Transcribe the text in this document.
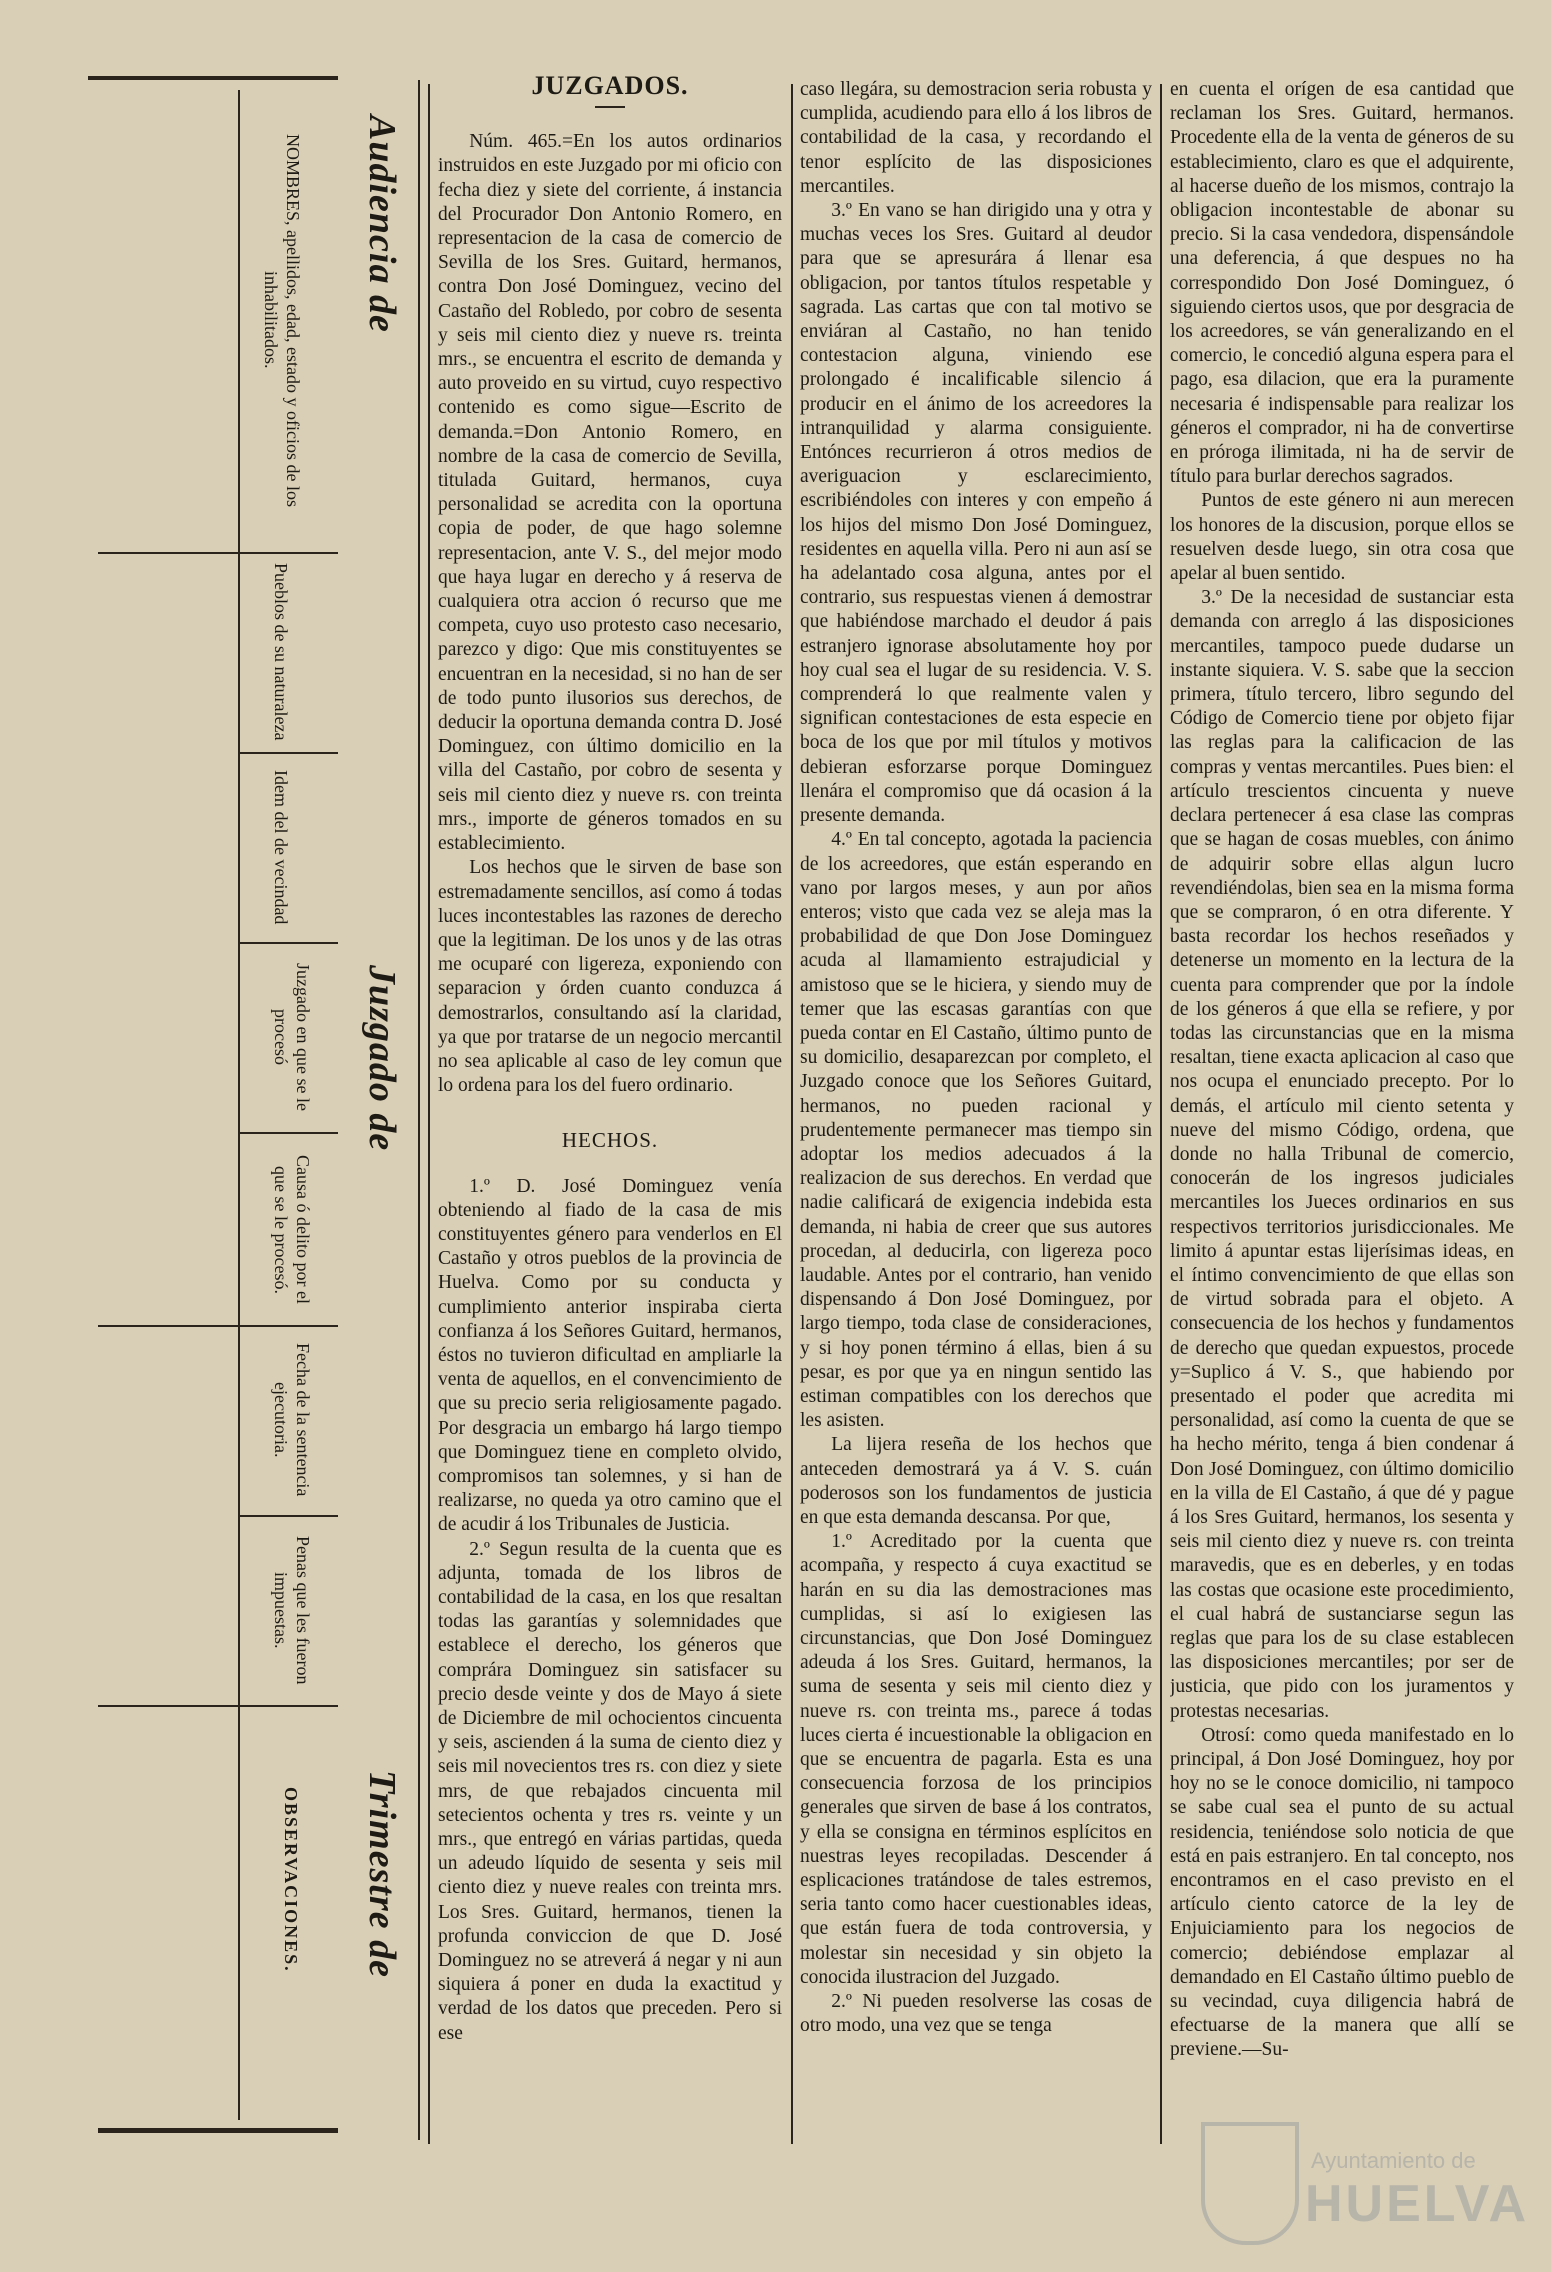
Audiencia de
Juzgado de
Trimestre de
NOMBRES, apellidos, edad, estado y oficios de los inhabilitados.
Pueblos de su naturaleza
Idem del de vecindad
Juzgado en que se le procesó
Causa ó delito por el que se le procesó.
Fecha de la sentencia ejecutoria.
Penas que les fueron impuestas.
OBSERVACIONES.
JUZGADOS.

Núm. 465.=En los autos ordinarios instruidos en este Juzgado por mi oficio con fecha diez y siete del corriente, á instancia del Procurador Don Antonio Romero, en representacion de la casa de comercio de Sevilla de los Sres. Guitard, hermanos, contra Don José Dominguez, vecino del Castaño del Robledo, por cobro de sesenta y seis mil ciento diez y nueve rs. treinta mrs., se encuentra el escrito de demanda y auto proveido en su virtud, cuyo respectivo contenido es como sigue—Escrito de demanda.=Don Antonio Romero, en nombre de la casa de comercio de Sevilla, titulada Guitard, hermanos, cuya personalidad se acredita con la oportuna copia de poder, de que hago solemne representacion, ante V. S., del mejor modo que haya lugar en derecho y á reserva de cualquiera otra accion ó recurso que me competa, cuyo uso protesto caso necesario, parezco y digo: Que mis constituyentes se encuentran en la necesidad, si no han de ser de todo punto ilusorios sus derechos, de deducir la oportuna demanda contra D. José Dominguez, con último domicilio en la villa del Castaño, por cobro de sesenta y seis mil ciento diez y nueve rs. con treinta mrs., importe de géneros tomados en su establecimiento.

Los hechos que le sirven de base son estremadamente sencillos, así como á todas luces incontestables las razones de derecho que la legitiman. De los unos y de las otras me ocuparé con ligereza, exponiendo con separacion y órden cuanto conduzca á demostrarlos, consultando así la claridad, ya que por tratarse de un negocio mercantil no sea aplicable al caso de ley comun que lo ordena para los del fuero ordinario.

HECHOS.

1.º D. José Dominguez venía obteniendo al fiado de la casa de mis constituyentes género para venderlos en El Castaño y otros pueblos de la provincia de Huelva. Como por su conducta y cumplimiento anterior inspiraba cierta confianza á los Señores Guitard, hermanos, éstos no tuvieron dificultad en ampliarle la venta de aquellos, en el convencimiento de que su precio seria religiosamente pagado. Por desgracia un embargo há largo tiempo que Dominguez tiene en completo olvido, compromisos tan solemnes, y si han de realizarse, no queda ya otro camino que el de acudir á los Tribunales de Justicia.

2.º Segun resulta de la cuenta que es adjunta, tomada de los libros de contabilidad de la casa, en los que resaltan todas las garantías y solemnidades que establece el derecho, los géneros que comprára Dominguez sin satisfacer su precio desde veinte y dos de Mayo á siete de Diciembre de mil ochocientos cincuenta y seis, ascienden á la suma de ciento diez y seis mil novecientos tres rs. con diez y siete mrs, de que rebajados cincuenta mil setecientos ochenta y tres rs. veinte y un mrs., que entregó en várias partidas, queda un adeudo líquido de sesenta y seis mil ciento diez y nueve reales con treinta mrs. Los Sres. Guitard, hermanos, tienen la profunda conviccion de que D. José Dominguez no se atreverá á negar y ni aun siquiera á poner en duda la exactitud y verdad de los datos que preceden. Pero si ese

caso llegára, su demostracion seria robusta y cumplida, acudiendo para ello á los libros de contabilidad de la casa, y recordando el tenor esplícito de las disposiciones mercantiles.

3.º En vano se han dirigido una y otra y muchas veces los Sres. Guitard al deudor para que se apresurára á llenar esa obligacion, por tantos títulos respetable y sagrada. Las cartas que con tal motivo se enviáran al Castaño, no han tenido contestacion alguna, viniendo ese prolongado é incalificable silencio á producir en el ánimo de los acreedores la intranquilidad y alarma consiguiente. Entónces recurrieron á otros medios de averiguacion y esclarecimiento, escribiéndoles con interes y con empeño á los hijos del mismo Don José Dominguez, residentes en aquella villa. Pero ni aun así se ha adelantado cosa alguna, antes por el contrario, sus respuestas vienen á demostrar que habiéndose marchado el deudor á pais estranjero ignorase absolutamente hoy por hoy cual sea el lugar de su residencia. V. S. comprenderá lo que realmente valen y significan contestaciones de esta especie en boca de los que por mil títulos y motivos debieran esforzarse porque Dominguez llenára el compromiso que dá ocasion á la presente demanda.

4.º En tal concepto, agotada la paciencia de los acreedores, que están esperando en vano por largos meses, y aun por años enteros; visto que cada vez se aleja mas la probabilidad de que Don Jose Dominguez acuda al llamamiento estrajudicial y amistoso que se le hiciera, y siendo muy de temer que las escasas garantías con que pueda contar en El Castaño, último punto de su domicilio, desaparezcan por completo, el Juzgado conoce que los Señores Guitard, hermanos, no pueden racional y prudentemente permanecer mas tiempo sin adoptar los medios adecuados á la realizacion de sus derechos. En verdad que nadie calificará de exigencia indebida esta demanda, ni habia de creer que sus autores procedan, al deducirla, con ligereza poco laudable. Antes por el contrario, han venido dispensando á Don José Dominguez, por largo tiempo, toda clase de consideraciones, y si hoy ponen término á ellas, bien á su pesar, es por que ya en ningun sentido las estiman compatibles con los derechos que les asisten.

La lijera reseña de los hechos que anteceden demostrará ya á V. S. cuán poderosos son los fundamentos de justicia en que esta demanda descansa. Por que,

1.º Acreditado por la cuenta que acompaña, y respecto á cuya exactitud se harán en su dia las demostraciones mas cumplidas, si así lo exigiesen las circunstancias, que Don José Dominguez adeuda á los Sres. Guitard, hermanos, la suma de sesenta y seis mil ciento diez y nueve rs. con treinta ms., parece á todas luces cierta é incuestionable la obligacion en que se encuentra de pagarla. Esta es una consecuencia forzosa de los principios generales que sirven de base á los contratos, y ella se consigna en términos esplícitos en nuestras leyes recopiladas. Descender á esplicaciones tratándose de tales estremos, seria tanto como hacer cuestionables ideas, que están fuera de toda controversia, y molestar sin necesidad y sin objeto la conocida ilustracion del Juzgado.

2.º Ni pueden resolverse las cosas de otro modo, una vez que se tenga

en cuenta el orígen de esa cantidad que reclaman los Sres. Guitard, hermanos. Procedente ella de la venta de géneros de su establecimiento, claro es que el adquirente, al hacerse dueño de los mismos, contrajo la obligacion incontestable de abonar su precio. Si la casa vendedora, dispensándole una deferencia, á que despues no ha correspondido Don José Dominguez, ó siguiendo ciertos usos, que por desgracia de los acreedores, se ván generalizando en el comercio, le concedió alguna espera para el pago, esa dilacion, que era la puramente necesaria é indispensable para realizar los géneros el comprador, ni ha de convertirse en próroga ilimitada, ni ha de servir de título para burlar derechos sagrados.

Puntos de este género ni aun merecen los honores de la discusion, porque ellos se resuelven desde luego, sin otra cosa que apelar al buen sentido.

3.º De la necesidad de sustanciar esta demanda con arreglo á las disposiciones mercantiles, tampoco puede dudarse un instante siquiera. V. S. sabe que la seccion primera, título tercero, libro segundo del Código de Comercio tiene por objeto fijar las reglas para la calificacion de las compras y ventas mercantiles. Pues bien: el artículo trescientos cincuenta y nueve declara pertenecer á esa clase las compras que se hagan de cosas muebles, con ánimo de adquirir sobre ellas algun lucro revendiéndolas, bien sea en la misma forma que se compraron, ó en otra diferente. Y basta recordar los hechos reseñados y detenerse un momento en la lectura de la cuenta para comprender que por la índole de los géneros á que ella se refiere, y por todas las circunstancias que en la misma resaltan, tiene exacta aplicacion al caso que nos ocupa el enunciado precepto. Por lo demás, el artículo mil ciento setenta y nueve del mismo Código, ordena, que donde no halla Tribunal de comercio, conocerán de los ingresos judiciales mercantiles los Jueces ordinarios en sus respectivos territorios jurisdiccionales. Me limito á apuntar estas lijerísimas ideas, en el íntimo convencimiento de que ellas son de virtud sobrada para el objeto. A consecuencia de los hechos y fundamentos de derecho que quedan expuestos, procede y=Suplico á V. S., que habiendo por presentado el poder que acredita mi personalidad, así como la cuenta de que se ha hecho mérito, tenga á bien condenar á Don José Dominguez, con último domicilio en la villa de El Castaño, á que dé y pague á los Sres Guitard, hermanos, los sesenta y seis mil ciento diez y nueve rs. con treinta maravedis, que es en deberles, y en todas las costas que ocasione este procedimiento, el cual habrá de sustanciarse segun las reglas que para los de su clase establecen las disposiciones mercantiles; por ser de justicia, que pido con los juramentos y protestas necesarias.

Otrosí: como queda manifestado en lo principal, á Don José Dominguez, hoy por hoy no se le conoce domicilio, ni tampoco se sabe cual sea el punto de su actual residencia, teniéndose solo noticia de que está en pais estranjero. En tal concepto, nos encontramos en el caso previsto en el artículo ciento catorce de la ley de Enjuiciamiento para los negocios de comercio; debiéndose emplazar al demandado en El Castaño último pueblo de su vecindad, cuya diligencia habrá de efectuarse de la manera que allí se previene.—Su-

Ayuntamiento de
HUELVA
